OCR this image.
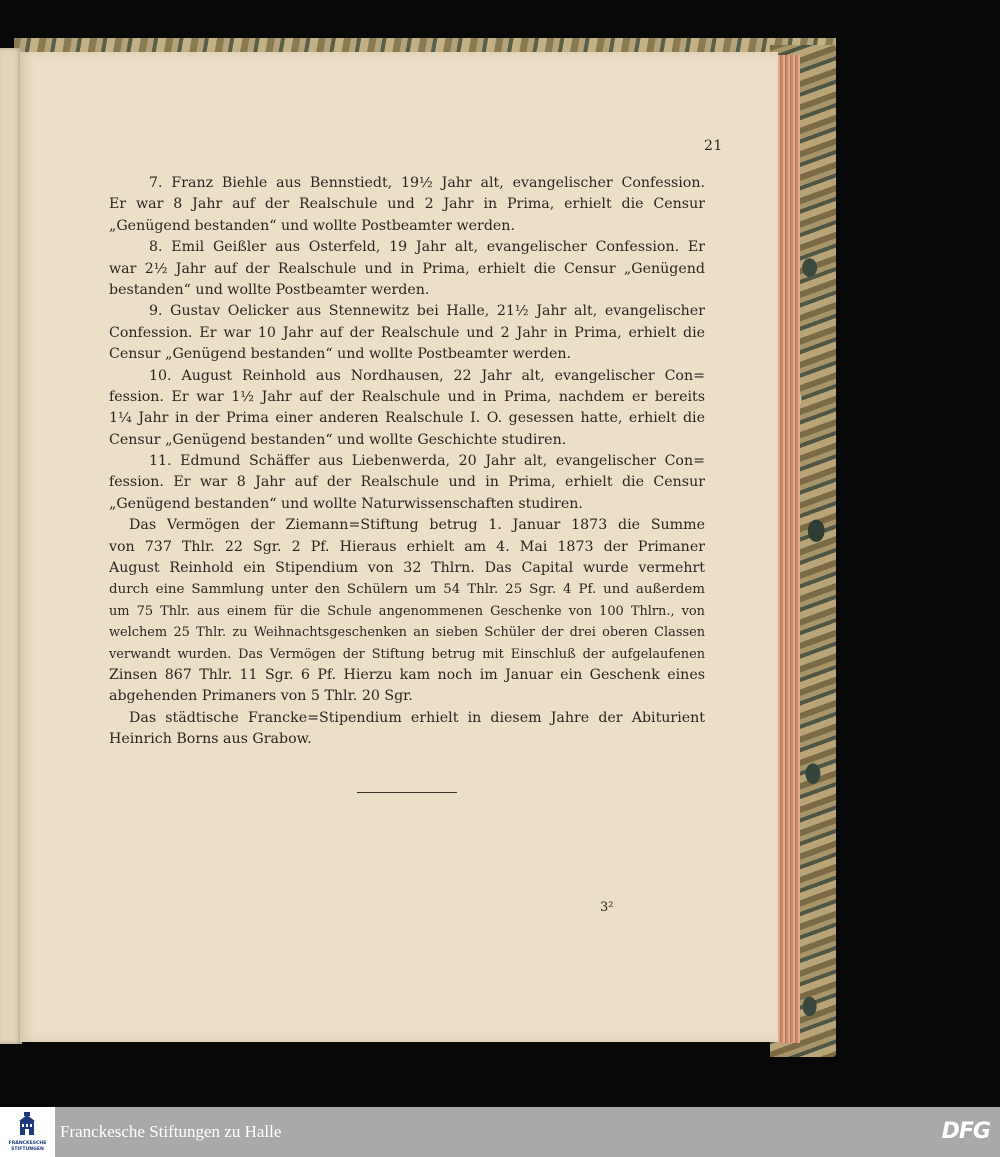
21
7. Franz Biehle aus Bennstiedt, 19½ Jahr alt, evangelischer Confession.
Er war 8 Jahr auf der Realschule und 2 Jahr in Prima, erhielt die Censur
„Genügend bestanden“ und wollte Postbeamter werden.
8. Emil Geißler aus Osterfeld, 19 Jahr alt, evangelischer Confession. Er
war 2½ Jahr auf der Realschule und in Prima, erhielt die Censur „Genügend
bestanden“ und wollte Postbeamter werden.
9. Gustav Oelicker aus Stennewitz bei Halle, 21½ Jahr alt, evangelischer
Confession. Er war 10 Jahr auf der Realschule und 2 Jahr in Prima, erhielt die
Censur „Genügend bestanden“ und wollte Postbeamter werden.
10. August Reinhold aus Nordhausen, 22 Jahr alt, evangelischer Con=
fession. Er war 1½ Jahr auf der Realschule und in Prima, nachdem er bereits
1¼ Jahr in der Prima einer anderen Realschule I. O. gesessen hatte, erhielt die
Censur „Genügend bestanden“ und wollte Geschichte studiren.
11. Edmund Schäffer aus Liebenwerda, 20 Jahr alt, evangelischer Con=
fession. Er war 8 Jahr auf der Realschule und in Prima, erhielt die Censur
„Genügend bestanden“ und wollte Naturwissenschaften studiren.
Das Vermögen der Ziemann=Stiftung betrug 1. Januar 1873 die Summe
von 737 Thlr. 22 Sgr. 2 Pf. Hieraus erhielt am 4. Mai 1873 der Primaner
August Reinhold ein Stipendium von 32 Thlrn. Das Capital wurde vermehrt
durch eine Sammlung unter den Schülern um 54 Thlr. 25 Sgr. 4 Pf. und außerdem
um 75 Thlr. aus einem für die Schule angenommenen Geschenke von 100 Thlrn., von
welchem 25 Thlr. zu Weihnachtsgeschenken an sieben Schüler der drei oberen Classen
verwandt wurden. Das Vermögen der Stiftung betrug mit Einschluß der aufgelaufenen
Zinsen 867 Thlr. 11 Sgr. 6 Pf. Hierzu kam noch im Januar ein Geschenk eines
abgehenden Primaners von 5 Thlr. 20 Sgr.
Das städtische Francke=Stipendium erhielt in diesem Jahre der Abiturient
Heinrich Borns aus Grabow.
3²
FRANCKESCHE
STIFTUNGEN
Franckesche Stiftungen zu Halle	DFG
